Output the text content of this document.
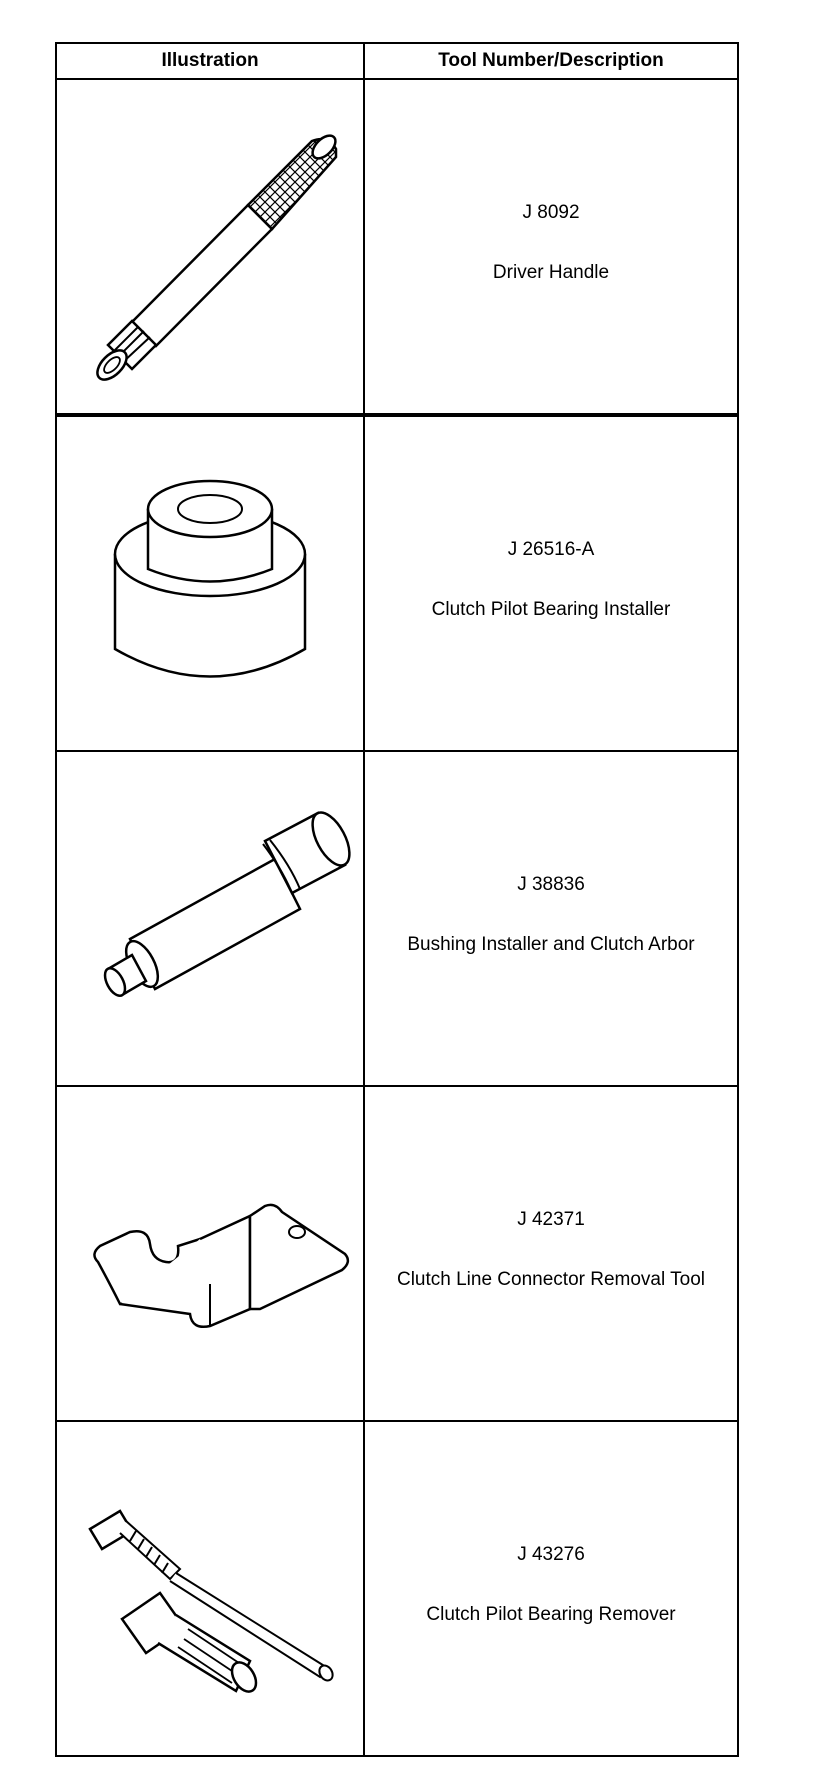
Illustration	Tool Number/Description

J 8092
Driver Handle

J 26516-A
Clutch Pilot Bearing Installer

J 38836
Bushing Installer and Clutch Arbor

J 42371
Clutch Line Connector Removal Tool

J 43276
Clutch Pilot Bearing Remover
